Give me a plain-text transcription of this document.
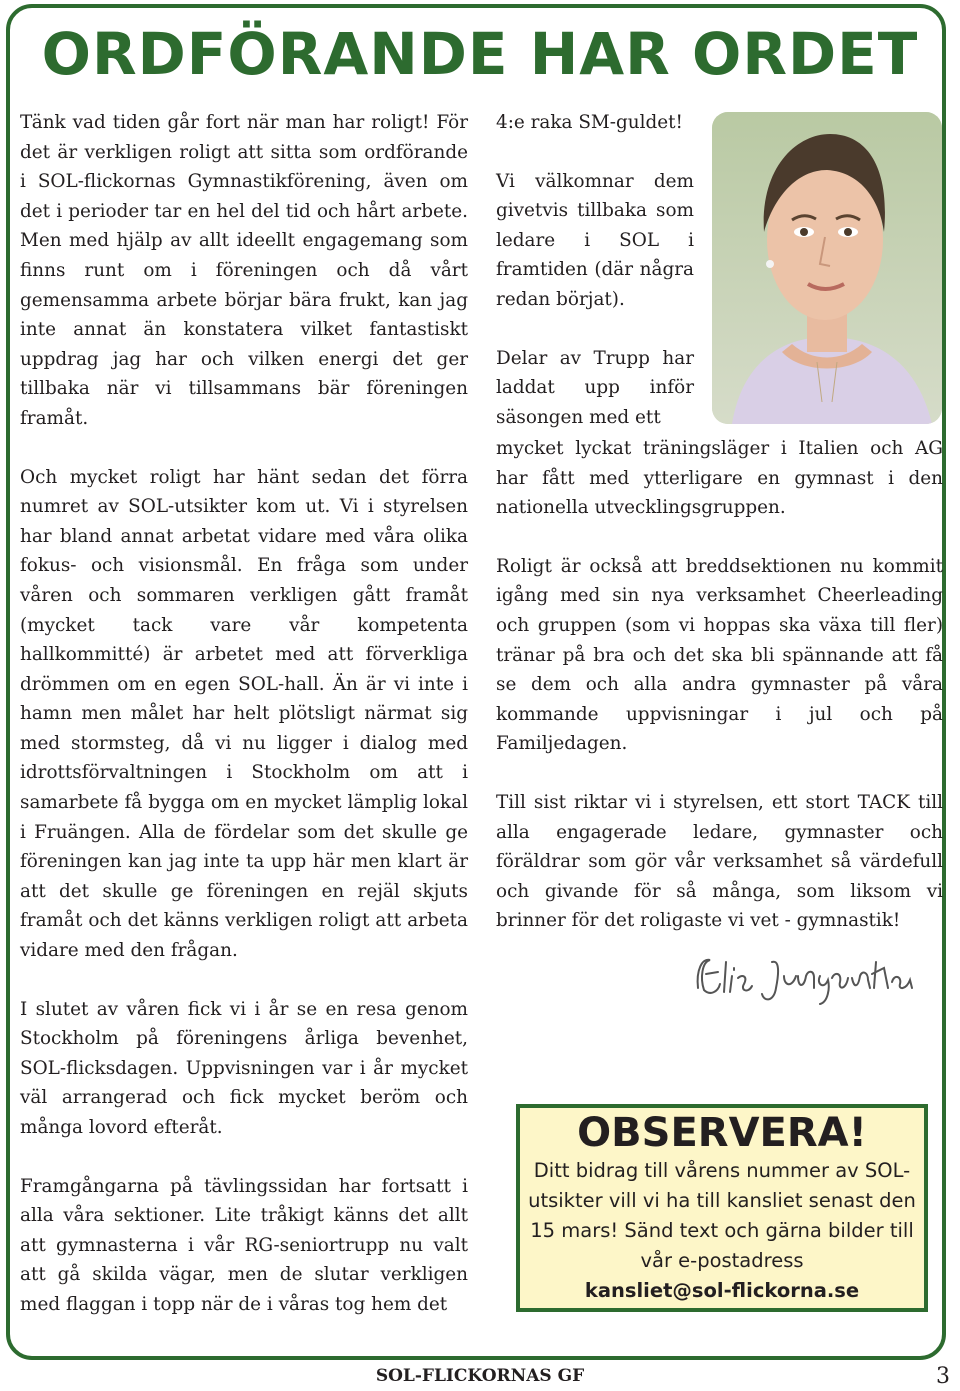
ORDFÖRANDE HAR ORDET

Tänk vad tiden går fort när man har roligt! För det är verkligen roligt att sitta som ordförande i SOL-flickornas Gymnastikförening, även om det i perioder tar en hel del tid och hårt arbete. Men med hjälp av allt ideellt engagemang som finns runt om i föreningen och då vårt gemensamma arbete börjar bära frukt, kan jag inte annat än konstatera vilket fantastiskt uppdrag jag har och vilken energi det ger tillbaka när vi tillsammans bär föreningen framåt.

Och mycket roligt har hänt sedan det förra numret av SOL-utsikter kom ut. Vi i styrelsen har bland annat arbetat vidare med våra olika fokus- och visionsmål. En fråga som under våren och sommaren verkligen gått framåt (mycket tack vare vår kompetenta hallkommitté) är arbetet med att förverkliga drömmen om en egen SOL-hall. Än är vi inte i hamn men målet har helt plötsligt närmat sig med stormsteg, då vi nu ligger i dialog med idrottsförvaltningen i Stockholm om att i samarbete få bygga om en mycket lämplig lokal i Fruängen. Alla de fördelar som det skulle ge föreningen kan jag inte ta upp här men klart är att det skulle ge föreningen en rejäl skjuts framåt och det känns verkligen roligt att arbeta vidare med den frågan.

I slutet av våren fick vi i år se en resa genom Stockholm på föreningens årliga bevenhet, SOL-flicksdagen. Uppvisningen var i år mycket väl arrangerad och fick mycket beröm och många lovord efteråt.

Framgångarna på tävlingssidan har fortsatt i alla våra sektioner. Lite tråkigt känns det allt att gymnasterna i vår RG-seniortrupp nu valt att gå skilda vägar, men de slutar verkligen med flaggan i topp när de i våras tog hem det

4:e raka SM-guldet!

Vi välkomnar dem givetvis tillbaka som ledare i SOL i framtiden (där några redan börjat).

Delar av Trupp har laddat upp inför säsongen med ett

mycket lyckat träningsläger i Italien och AG har fått med ytterligare en gymnast i den nationella utvecklingsgruppen.

Roligt är också att breddsektionen nu kommit igång med sin nya verksamhet Cheerleading och gruppen (som vi hoppas ska växa till fler) tränar på bra och det ska bli spännande att få se dem och alla andra gymnaster på våra kommande uppvisningar i jul och på Familjedagen.

Till sist riktar vi i styrelsen, ett stort TACK till alla engagerade ledare, gymnaster och föräldrar som gör vår verksamhet så värdefull och givande för så många, som liksom vi brinner för det roligaste vi vet - gymnastik!

OBSERVERA!

Ditt bidrag till vårens nummer av SOL-utsikter vill vi ha till kansliet senast den 15 mars! Sänd text och gärna bilder till vår e-postadress

kansliet@sol-flickorna.se

SOL-FLICKORNAS GF	3
